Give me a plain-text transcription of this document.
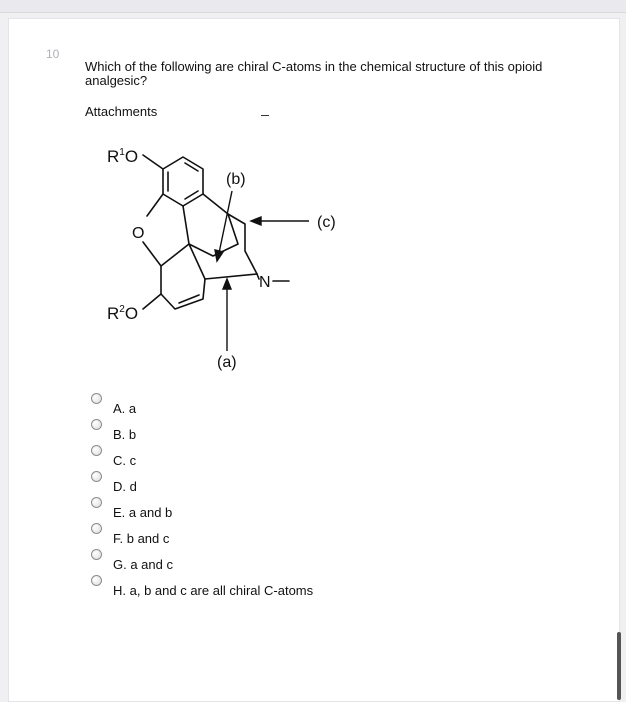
10
Which of the following are chiral C-atoms in the chemical structure of this opioid analgesic?
Attachments
$R^1O$
O
$R^2O$
N
(b)
(c)
(a)
A. a
B. b
C. c
D. d
E. a and b
F. b and c
G. a and c
H. a, b and c are all chiral C-atoms
